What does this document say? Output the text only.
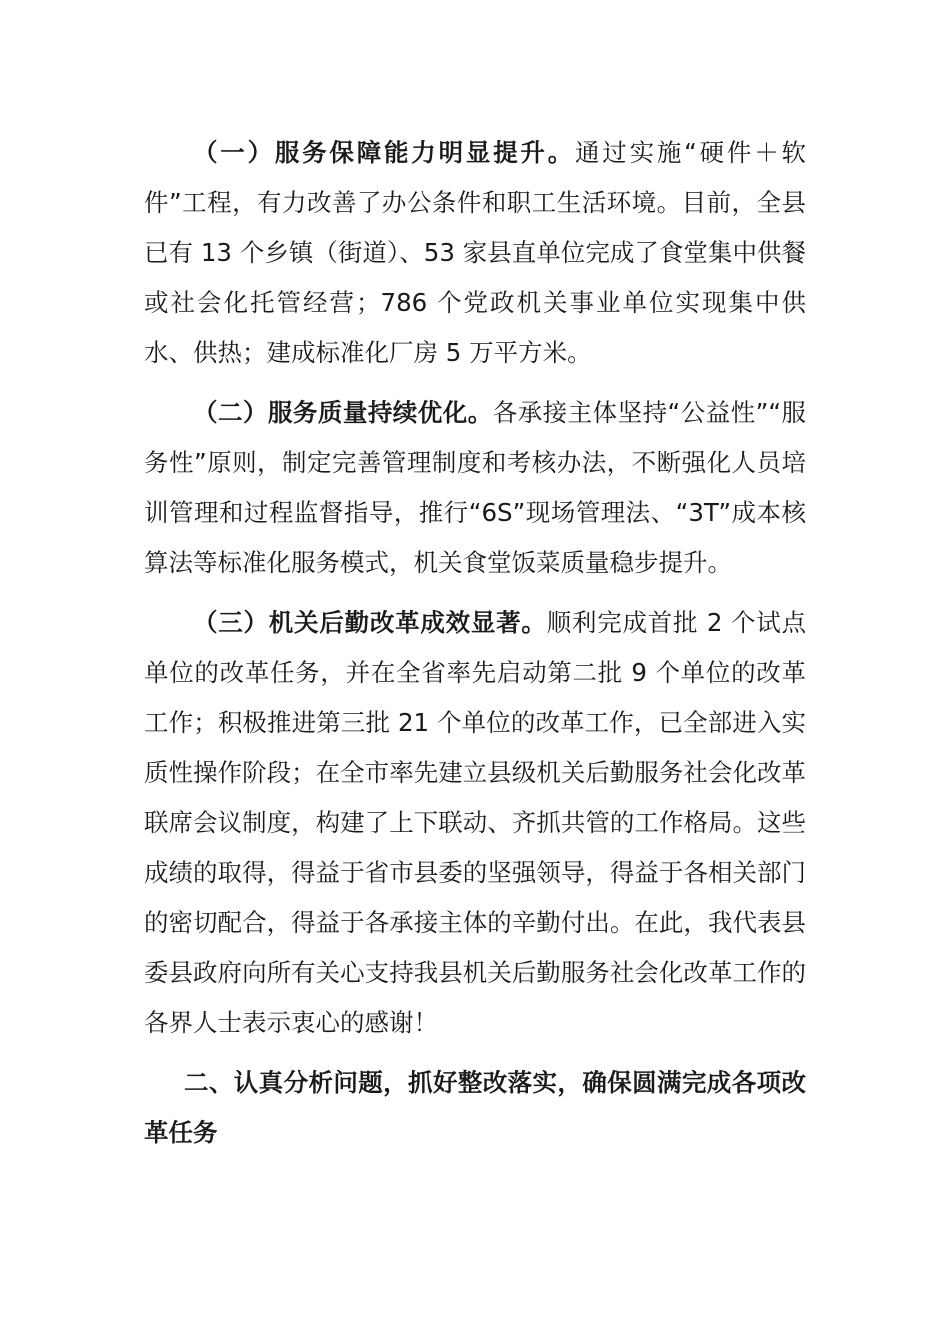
（一）服务保障能力明显提升。通过实施“硬件＋软件”工程，有力改善了办公条件和职工生活环境。目前，全县已有 13 个乡镇（街道）、53 家县直单位完成了食堂集中供餐或社会化托管经营；786 个党政机关事业单位实现集中供水、供热；建成标准化厂房 5 万平方米。

（二）服务质量持续优化。各承接主体坚持“公益性”“服务性”原则，制定完善管理制度和考核办法，不断强化人员培训管理和过程监督指导，推行“6S”现场管理法、“3T”成本核算法等标准化服务模式，机关食堂饭菜质量稳步提升。

（三）机关后勤改革成效显著。顺利完成首批 2 个试点单位的改革任务，并在全省率先启动第二批 9 个单位的改革工作；积极推进第三批 21 个单位的改革工作，已全部进入实质性操作阶段；在全市率先建立县级机关后勤服务社会化改革联席会议制度，构建了上下联动、齐抓共管的工作格局。这些成绩的取得，得益于省市县委的坚强领导，得益于各相关部门的密切配合，得益于各承接主体的辛勤付出。在此，我代表县委县政府向所有关心支持我县机关后勤服务社会化改革工作的各界人士表示衷心的感谢！

二、认真分析问题，抓好整改落实，确保圆满完成各项改革任务
